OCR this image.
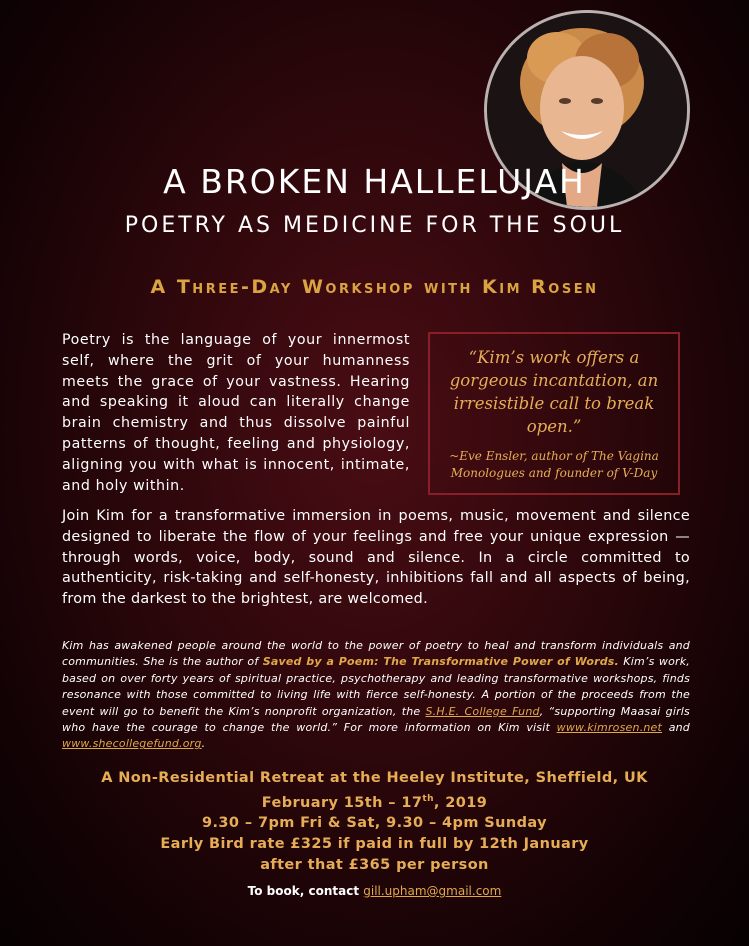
A BROKEN HALLELUJAH
POETRY AS MEDICINE FOR THE SOUL
A Three-Day Workshop with Kim Rosen
Poetry is the language of your innermost self, where the grit of your humanness meets the grace of your vastness. Hearing and speaking it aloud can literally change brain chemistry and thus dissolve painful patterns of thought, feeling and physiology, aligning you with what is innocent, intimate, and holy within.
“Kim’s work offers a gorgeous incantation, an irresistible call to break open.”
~Eve Ensler, author of The Vagina Monologues and founder of V-Day
Join Kim for a transformative immersion in poems, music, movement and silence designed to liberate the flow of your feelings and free your unique expression — through words, voice, body, sound and silence. In a circle committed to authenticity, risk-taking and self-honesty, inhibitions fall and all aspects of being, from the darkest to the brightest, are welcomed.
Kim has awakened people around the world to the power of poetry to heal and transform individuals and communities. She is the author of Saved by a Poem: The Transformative Power of Words. Kim’s work, based on over forty years of spiritual practice, psychotherapy and leading transformative workshops, finds resonance with those committed to living life with fierce self-honesty. A portion of the proceeds from the event will go to benefit the Kim’s nonprofit organization, the S.H.E. College Fund, “supporting Maasai girls who have the courage to change the world.” For more information on Kim visit www.kimrosen.net and www.shecollegefund.org.
A Non-Residential Retreat at the Heeley Institute, Sheffield, UK
February 15th – 17th, 2019
9.30 – 7pm Fri & Sat, 9.30 – 4pm Sunday
Early Bird rate £325 if paid in full by 12th January
after that £365 per person
To book, contact gill.upham@gmail.com
